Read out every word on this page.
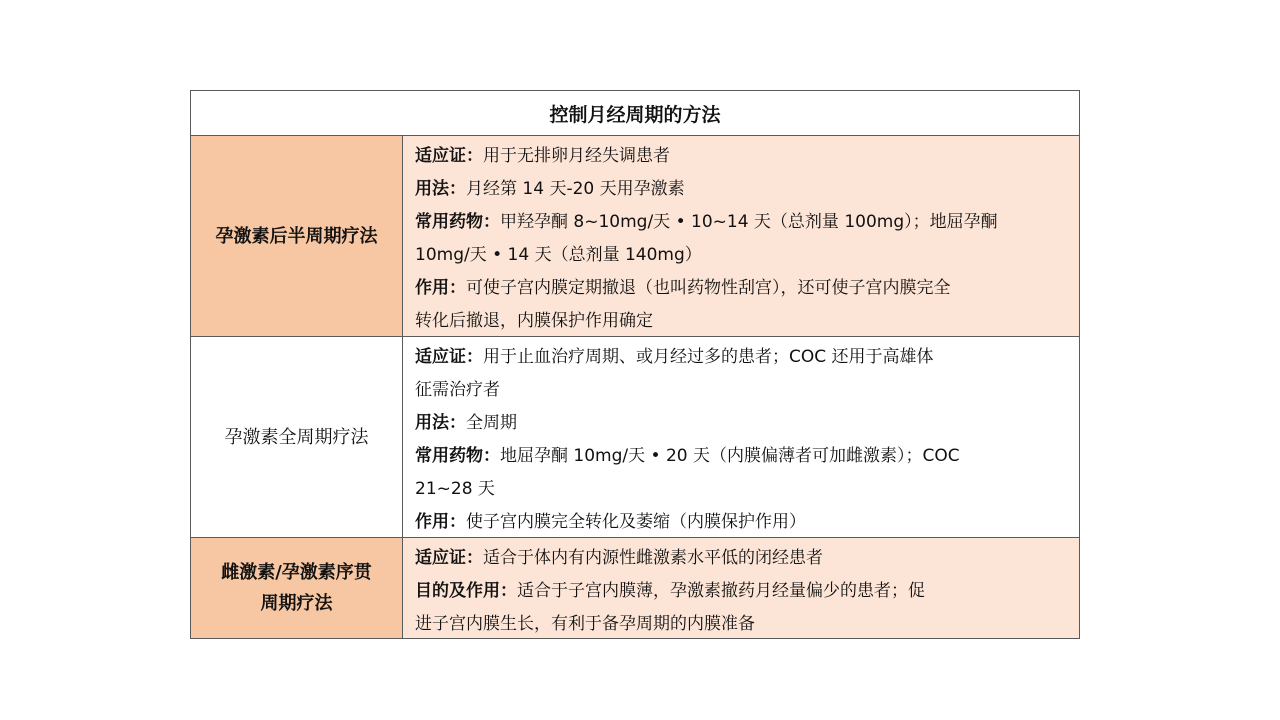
控制月经周期的方法
孕激素后半周期疗法
适应证：用于无排卵月经失调患者
用法：月经第 14 天-20 天用孕激素
常用药物：甲羟孕酮 8~10mg/天 • 10~14 天（总剂量 100mg）；地屈孕酮
10mg/天 • 14 天（总剂量 140mg）
作用：可使子宫内膜定期撤退（也叫药物性刮宫），还可使子宫内膜完全
转化后撤退，内膜保护作用确定
孕激素全周期疗法
适应证：用于止血治疗周期、或月经过多的患者；COC 还用于高雄体
征需治疗者
用法：全周期
常用药物：地屈孕酮 10mg/天 • 20 天（内膜偏薄者可加雌激素）；COC
21~28 天
作用：使子宫内膜完全转化及萎缩（内膜保护作用）
雌激素/孕激素序贯
周期疗法
适应证：适合于体内有内源性雌激素水平低的闭经患者
目的及作用：适合于子宫内膜薄，孕激素撤药月经量偏少的患者；促
进子宫内膜生长，有利于备孕周期的内膜准备
